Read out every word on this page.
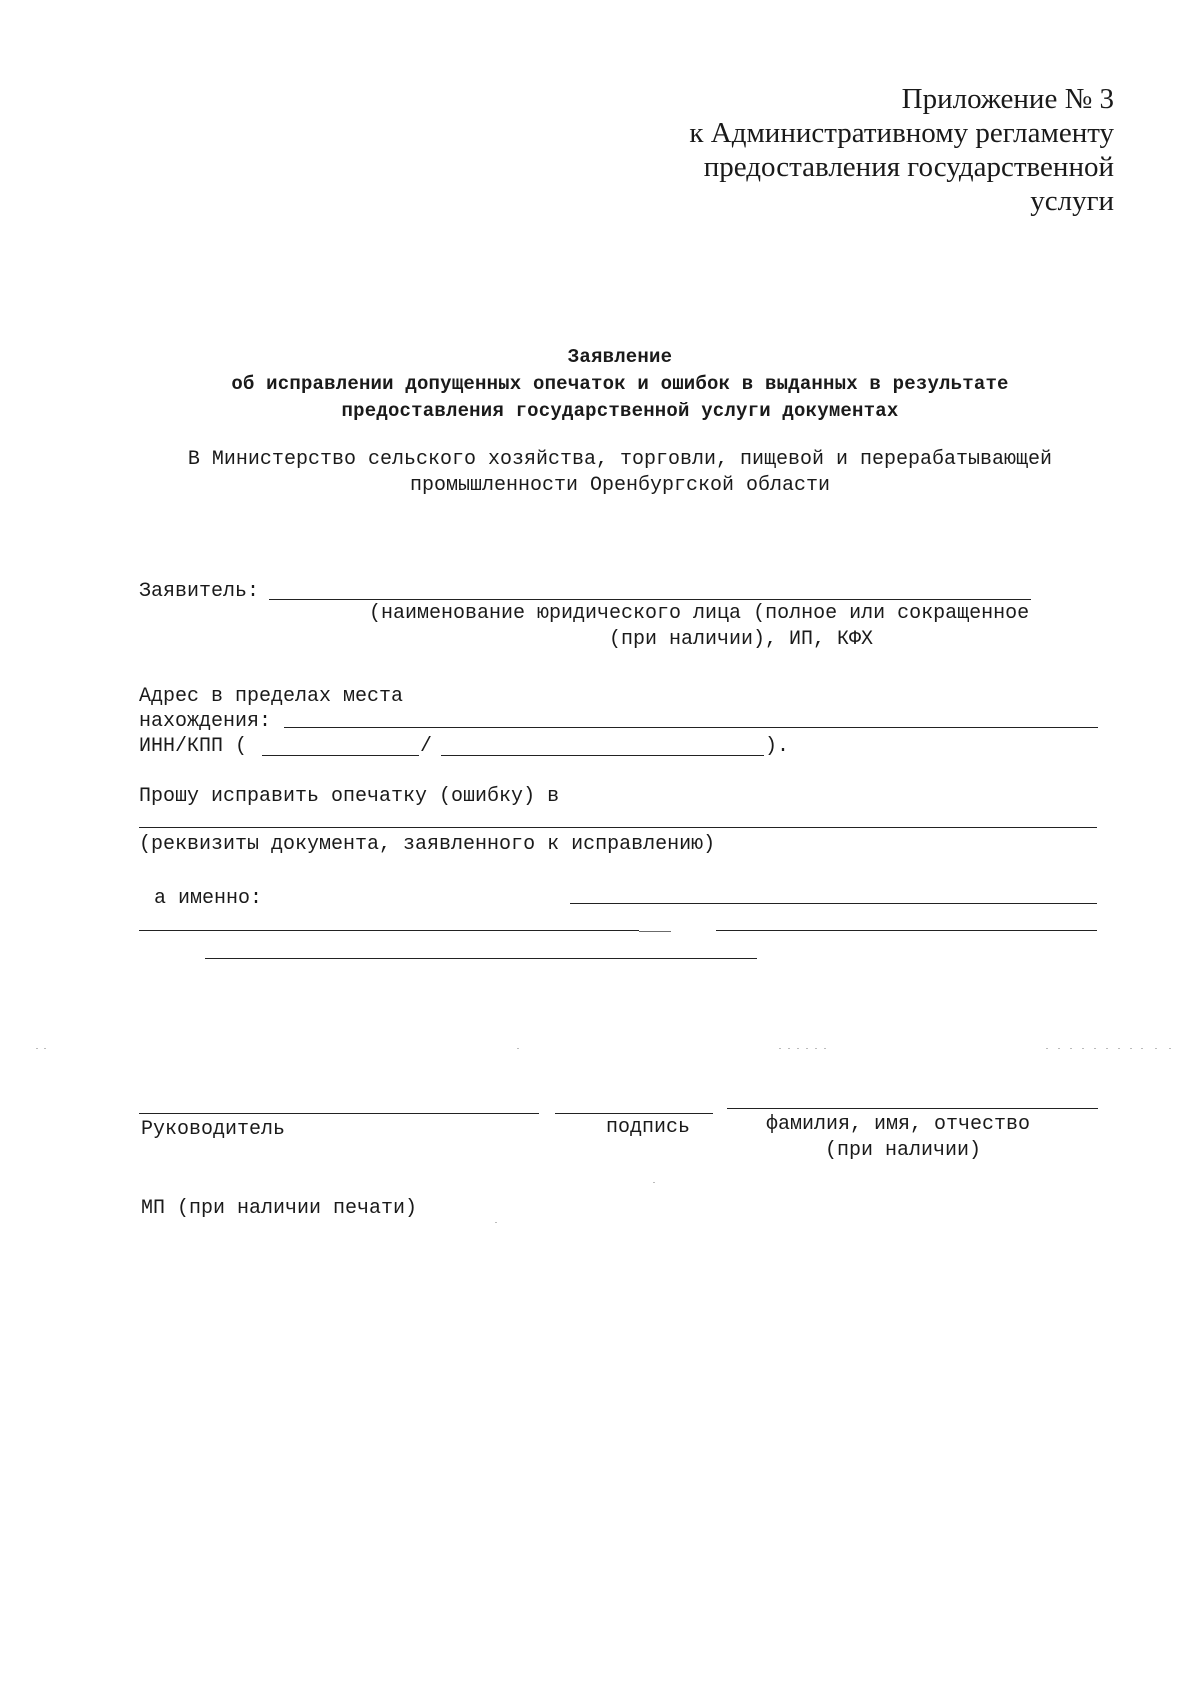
Приложение № 3
к Административному регламенту
предоставления государственной
услуги
Заявление
об исправлении допущенных опечаток и ошибок в выданных в результате
предоставления государственной услуги документах
В Министерство сельского хозяйства, торговли, пищевой и перерабатывающей
промышленности Оренбургской области
Заявитель:
(наименование юридического лица (полное или сокращенное
(при наличии), ИП, КФХ
Адрес в пределах места
нахождения:
ИНН/КПП (	/	).
Прошу исправить опечатку (ошибку) в
(реквизиты документа, заявленного к исправлению)
а именно:
Руководитель	подпись	фамилия, имя, отчество
(при наличии)
МП (при наличии печати)
